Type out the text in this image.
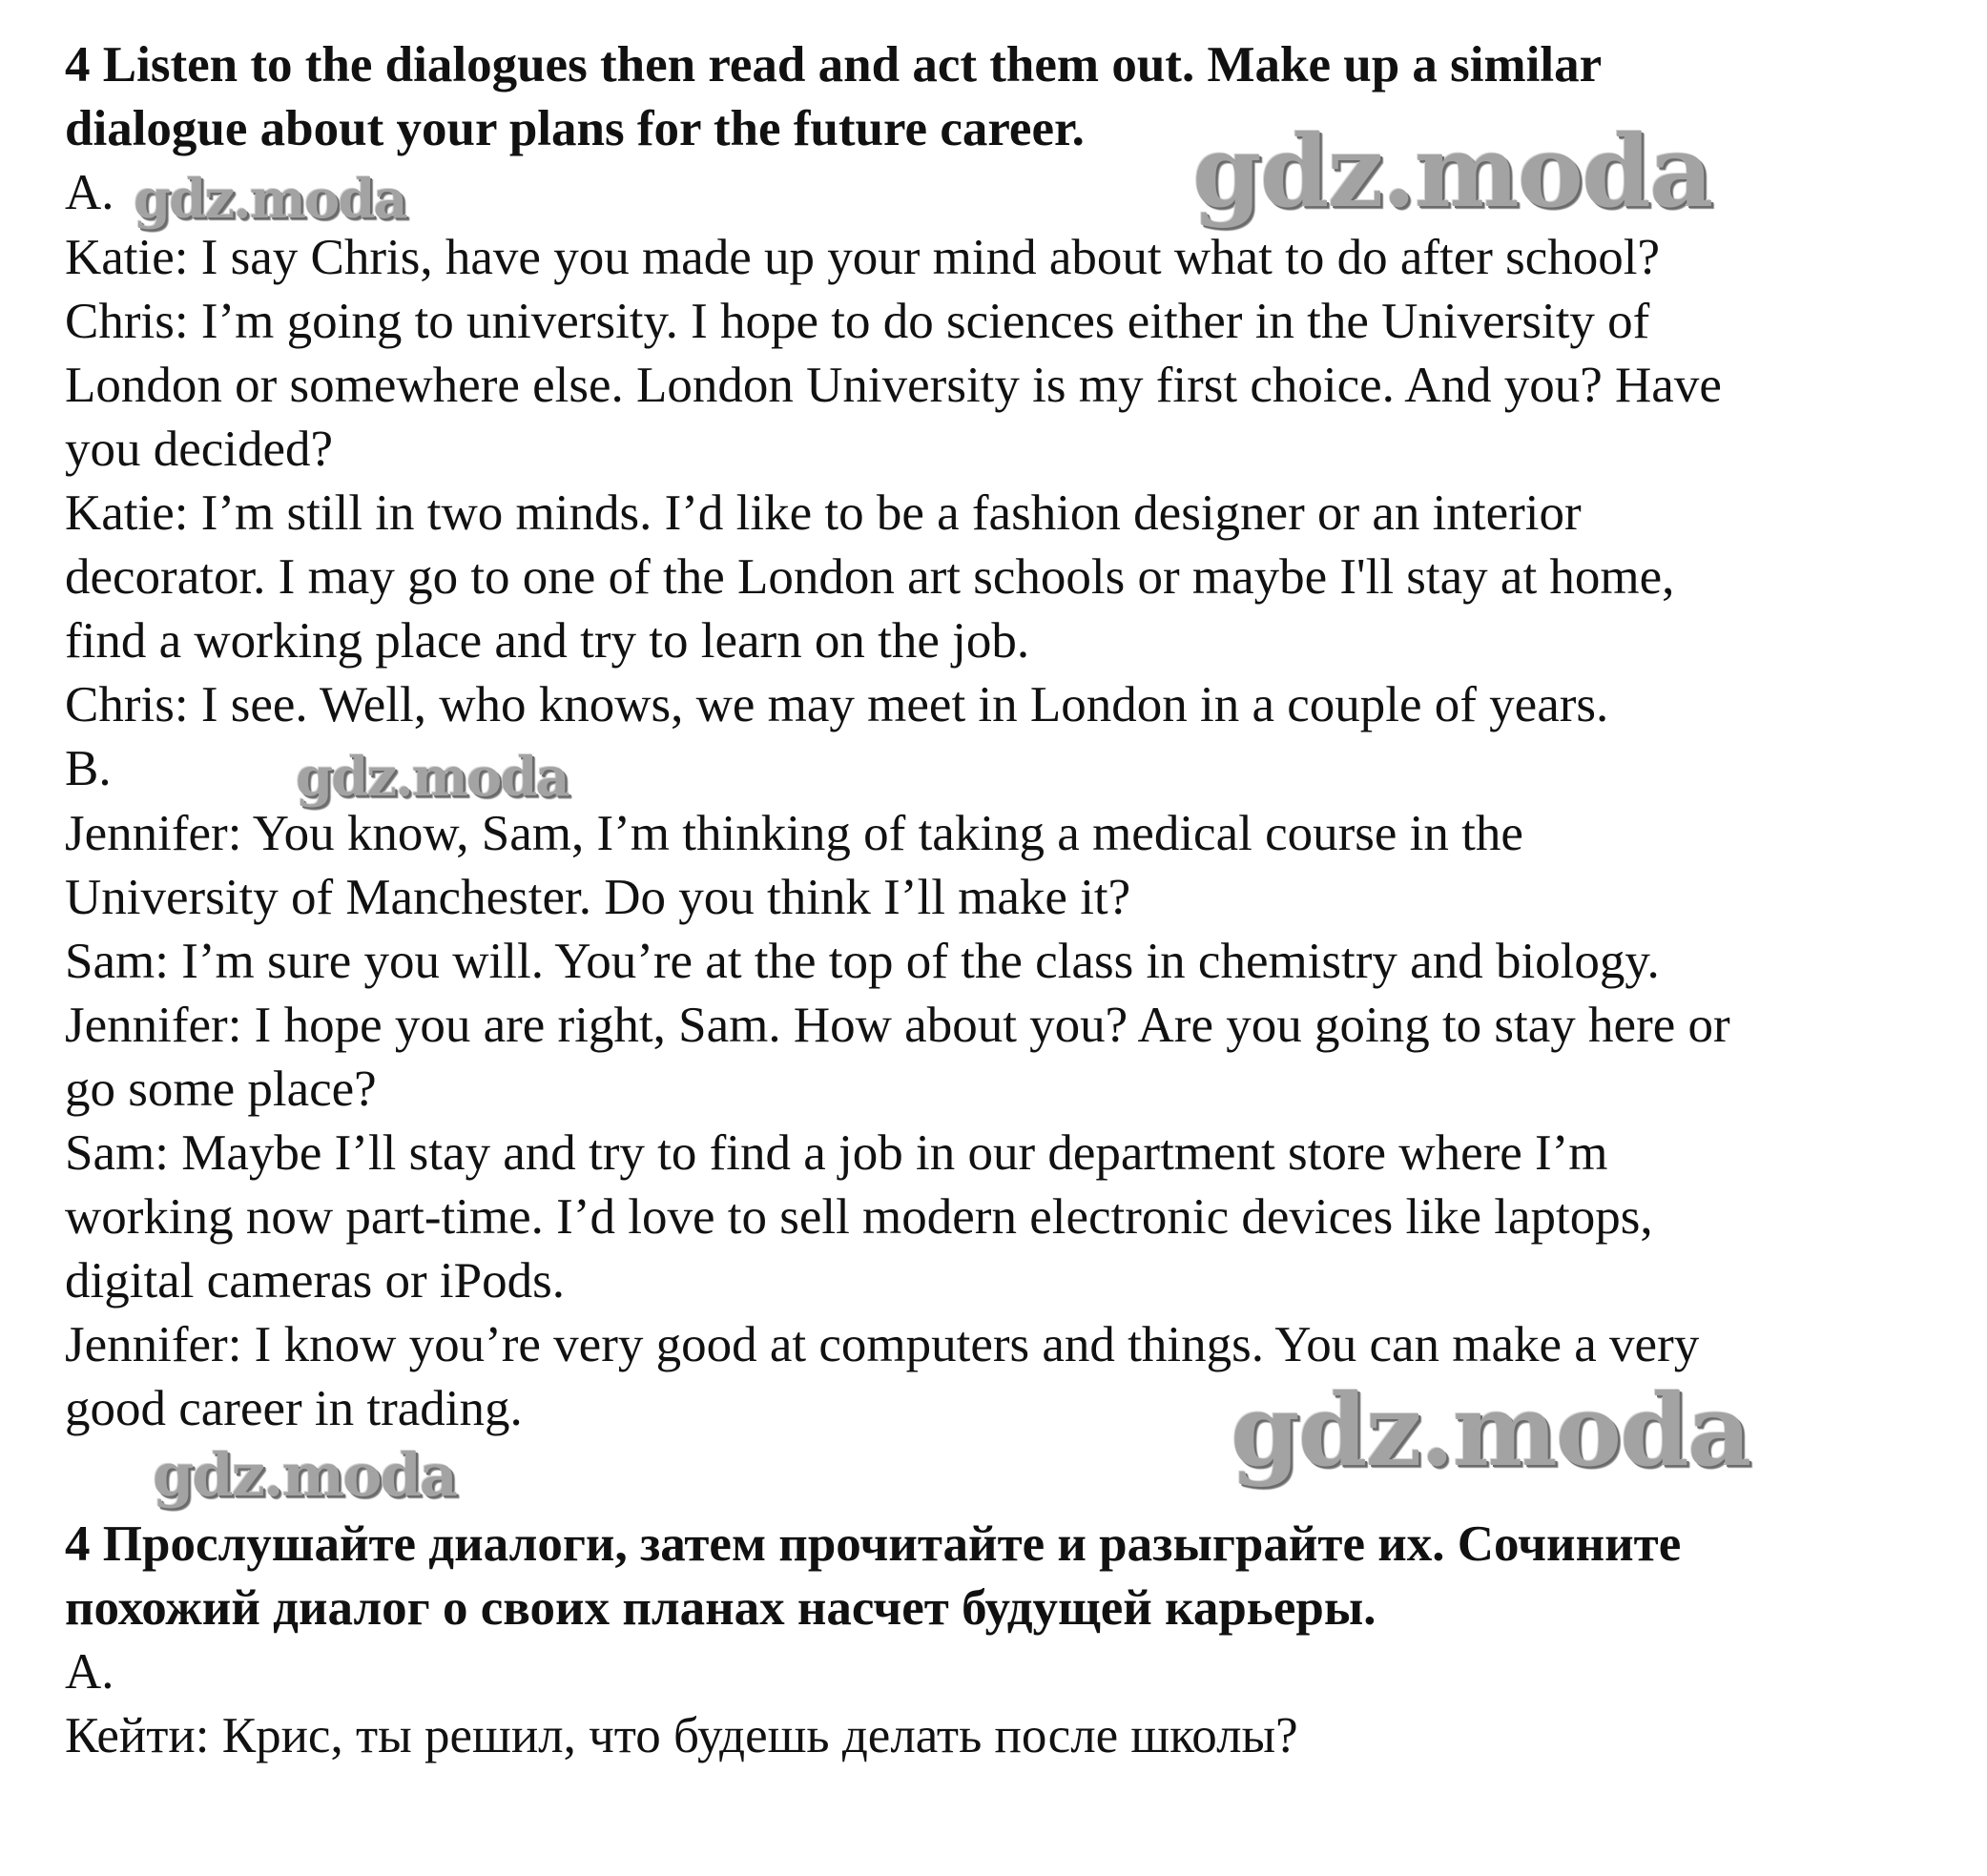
4 Listen to the dialogues then read and act them out. Make up a similar

dialogue about your plans for the future career.

A.

Katie: I say Chris, have you made up your mind about what to do after school?

Chris: I’m going to university. I hope to do sciences either in the University of

London or somewhere else. London University is my first choice. And you? Have

you decided?

Katie: I’m still in two minds. I’d like to be a fashion designer or an interior

decorator. I may go to one of the London art schools or maybe I'll stay at home,

find a working place and try to learn on the job.

Chris: I see. Well, who knows, we may meet in London in a couple of years.

B.

Jennifer: You know, Sam, I’m thinking of taking a medical course in the

University of Manchester. Do you think I’ll make it?

Sam: I’m sure you will. You’re at the top of the class in chemistry and biology.

Jennifer: I hope you are right, Sam. How about you? Are you going to stay here or

go some place?

Sam: Maybe I’ll stay and try to find a job in our department store where I’m

working now part-time. I’d love to sell modern electronic devices like laptops,

digital cameras or iPods.

Jennifer: I know you’re very good at computers and things. You can make a very

good career in trading.

4 Прослушайте диалоги, затем прочитайте и разыграйте их. Сочините

похожий диалог о своих планах насчет будущей карьеры.

А.

Кейти: Крис, ты решил, что будешь делать после школы?

gdz.moda	gdz.moda
gdz.moda
gdz.moda
gdz.moda
